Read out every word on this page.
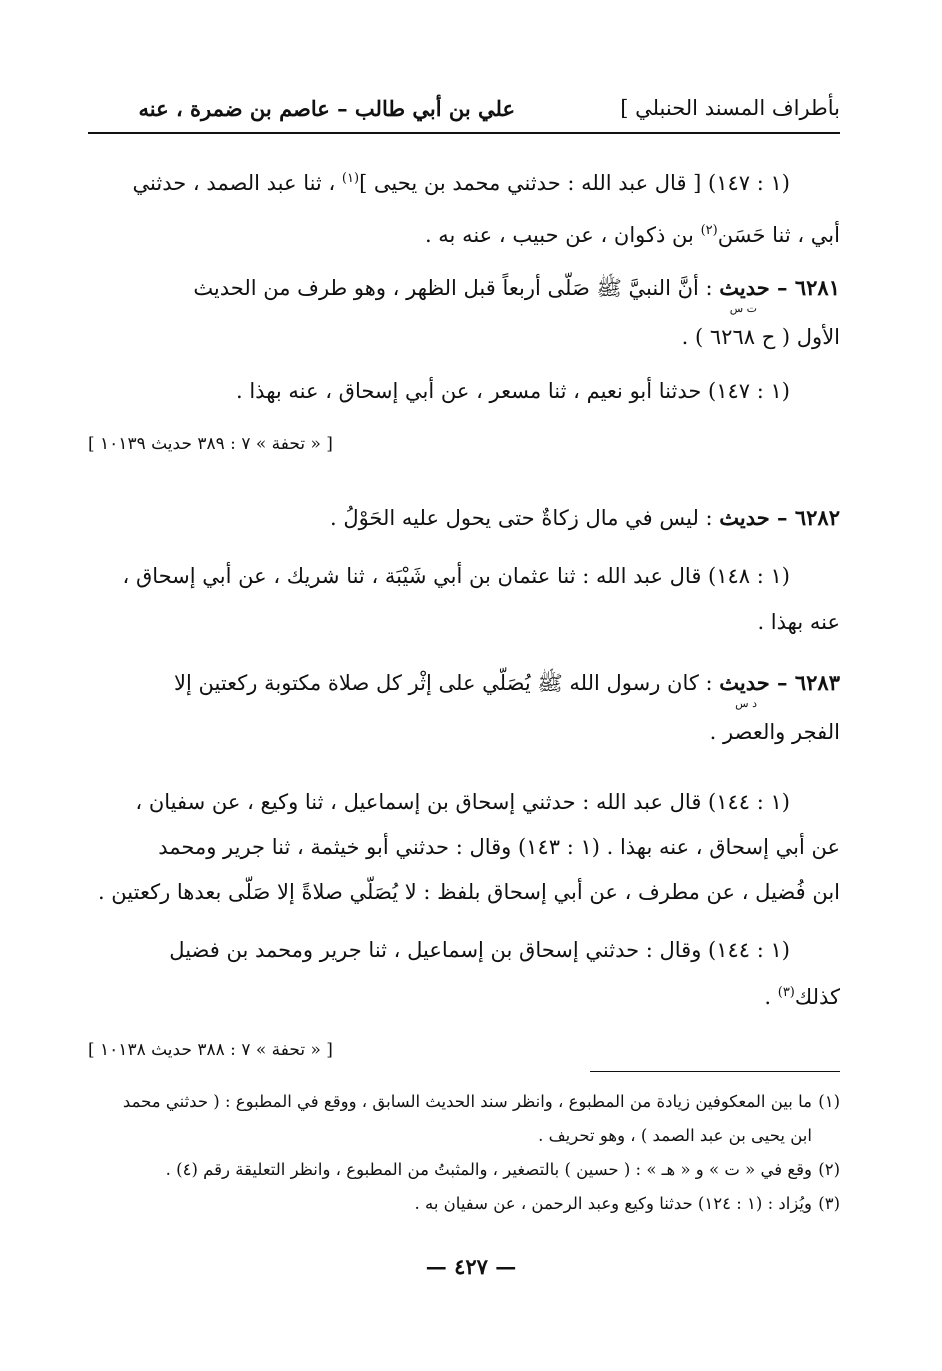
بأطراف المسند الحنبلي ]
علي بن أبي طالب – عاصم بن ضمرة ، عنه
(١ : ١٤٧) [ قال عبد الله : حدثني محمد بن يحيى ]$^{(١)}$ ، ثنا عبد الصمد ، حدثني
أبي ، ثنا حَسَن$^{(٢)}$ بن ذكوان ، عن حبيب ، عنه به .
٦٢٨١ – حديث : أنَّ النبيَّ ﷺ صَلّى أربعاً قبل الظهر ، وهو طرف من الحديث
ت س
الأول ( ح ٦٢٦٨ ) .
(١ : ١٤٧) حدثنا أبو نعيم ، ثنا مسعر ، عن أبي إسحاق ، عنه بهذا .
[ « تحفة » ٧ : ٣٨٩ حديث ١٠١٣٩ ]
٦٢٨٢ – حديث : ليس في مال زكاةٌ حتى يحول عليه الحَوْلُ .
(١ : ١٤٨) قال عبد الله : ثنا عثمان بن أبي شَيْبَة ، ثنا شريك ، عن أبي إسحاق ،
عنه بهذا .
٦٢٨٣ – حديث : كان رسول الله ﷺ يُصَلّي على إثْر كل صلاة مكتوبة ركعتين إلا
د س
الفجر والعصر .
(١ : ١٤٤) قال عبد الله : حدثني إسحاق بن إسماعيل ، ثنا وكيع ، عن سفيان ،
عن أبي إسحاق ، عنه بهذا . (١ : ١٤٣) وقال : حدثني أبو خيثمة ، ثنا جرير ومحمد
ابن فُضيل ، عن مطرف ، عن أبي إسحاق بلفظ : لا يُصَلّي صلاةً إلا صَلّى بعدها ركعتين .
(١ : ١٤٤) وقال : حدثني إسحاق بن إسماعيل ، ثنا جرير ومحمد بن فضيل
كذلك$^{(٣)}$ .
[ « تحفة » ٧ : ٣٨٨ حديث ١٠١٣٨ ]
(١)
ما بين المعكوفين زيادة من المطبوع ، وانظر سند الحديث السابق ، ووقع في المطبوع : ( حدثني محمد
ابن يحيى بن عبد الصمد ) ، وهو تحريف .
(٢)
وقع في « ت » و « هـ » : ( حسين ) بالتصغير ، والمثبتُ من المطبوع ، وانظر التعليقة رقم (٤) .
(٣)
ويُزاد : (١ : ١٢٤) حدثنا وكيع وعبد الرحمن ، عن سفيان به .
— ٤٢٧ —
